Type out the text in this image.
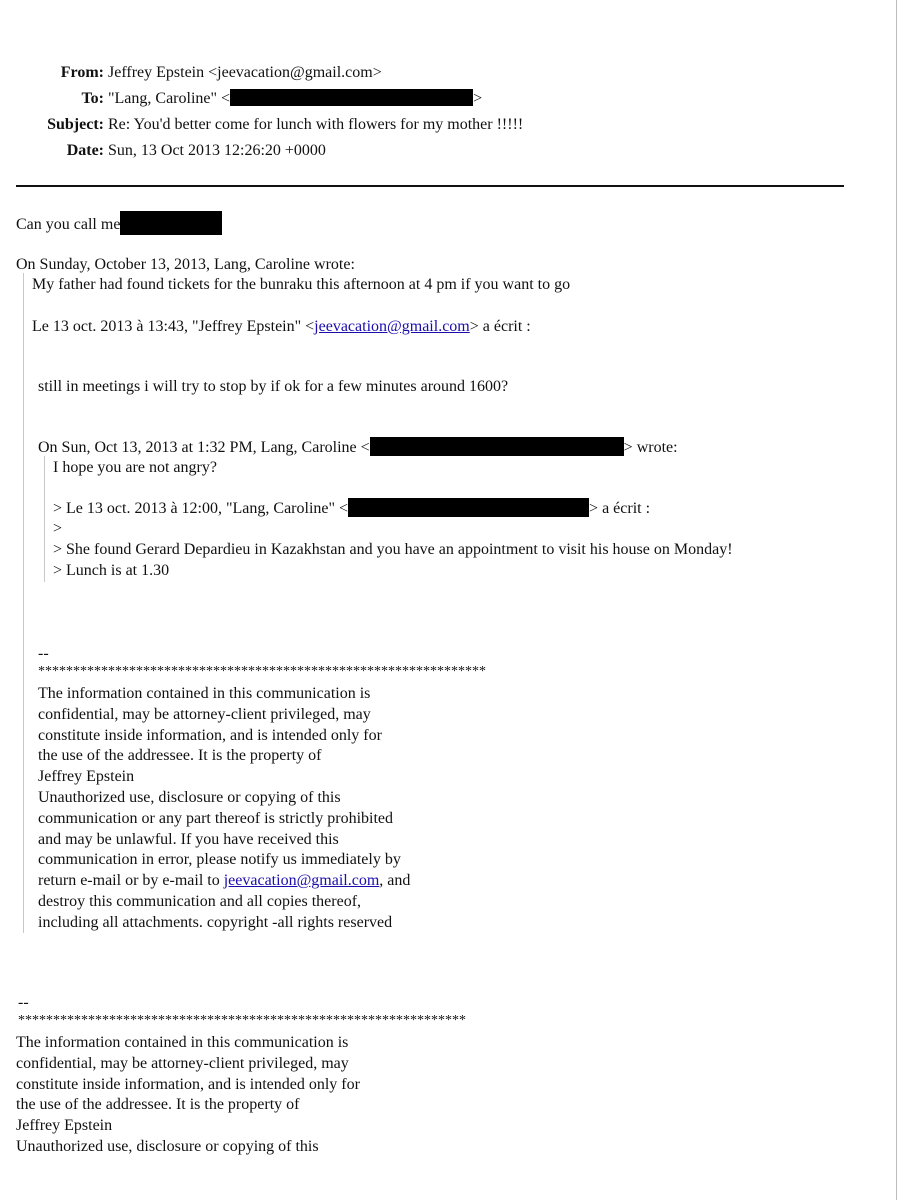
From: Jeffrey Epstein <jeevacation@gmail.com>
To: "Lang, Caroline" <	>
Subject: Re: You'd better come for lunch with flowers for my mother !!!!!
Date: Sun, 13 Oct 2013 12:26:20 +0000
Can you call me
On Sunday, October 13, 2013, Lang, Caroline wrote:
My father had found tickets for the bunraku this afternoon at 4 pm if you want to go
Le 13 oct. 2013 à 13:43, "Jeffrey Epstein" <jeevacation@gmail.com> a écrit :
still in meetings i will try to stop by if ok for a few minutes around 1600?
On Sun, Oct 13, 2013 at 1:32 PM, Lang, Caroline <	> wrote:
I hope you are not angry?
> Le 13 oct. 2013 à 12:00, "Lang, Caroline" <	> a écrit :
>
> She found Gerard Depardieu in Kazakhstan and you have an appointment to visit his house on Monday!
> Lunch is at 1.30
--
****************************************************************
The information contained in this communication is
confidential, may be attorney-client privileged, may
constitute inside information, and is intended only for
the use of the addressee. It is the property of
Jeffrey Epstein
Unauthorized use, disclosure or copying of this
communication or any part thereof is strictly prohibited
and may be unlawful. If you have received this
communication in error, please notify us immediately by
return e-mail or by e-mail to jeevacation@gmail.com, and
destroy this communication and all copies thereof,
including all attachments. copyright -all rights reserved
--
****************************************************************
The information contained in this communication is
confidential, may be attorney-client privileged, may
constitute inside information, and is intended only for
the use of the addressee. It is the property of
Jeffrey Epstein
Unauthorized use, disclosure or copying of this
